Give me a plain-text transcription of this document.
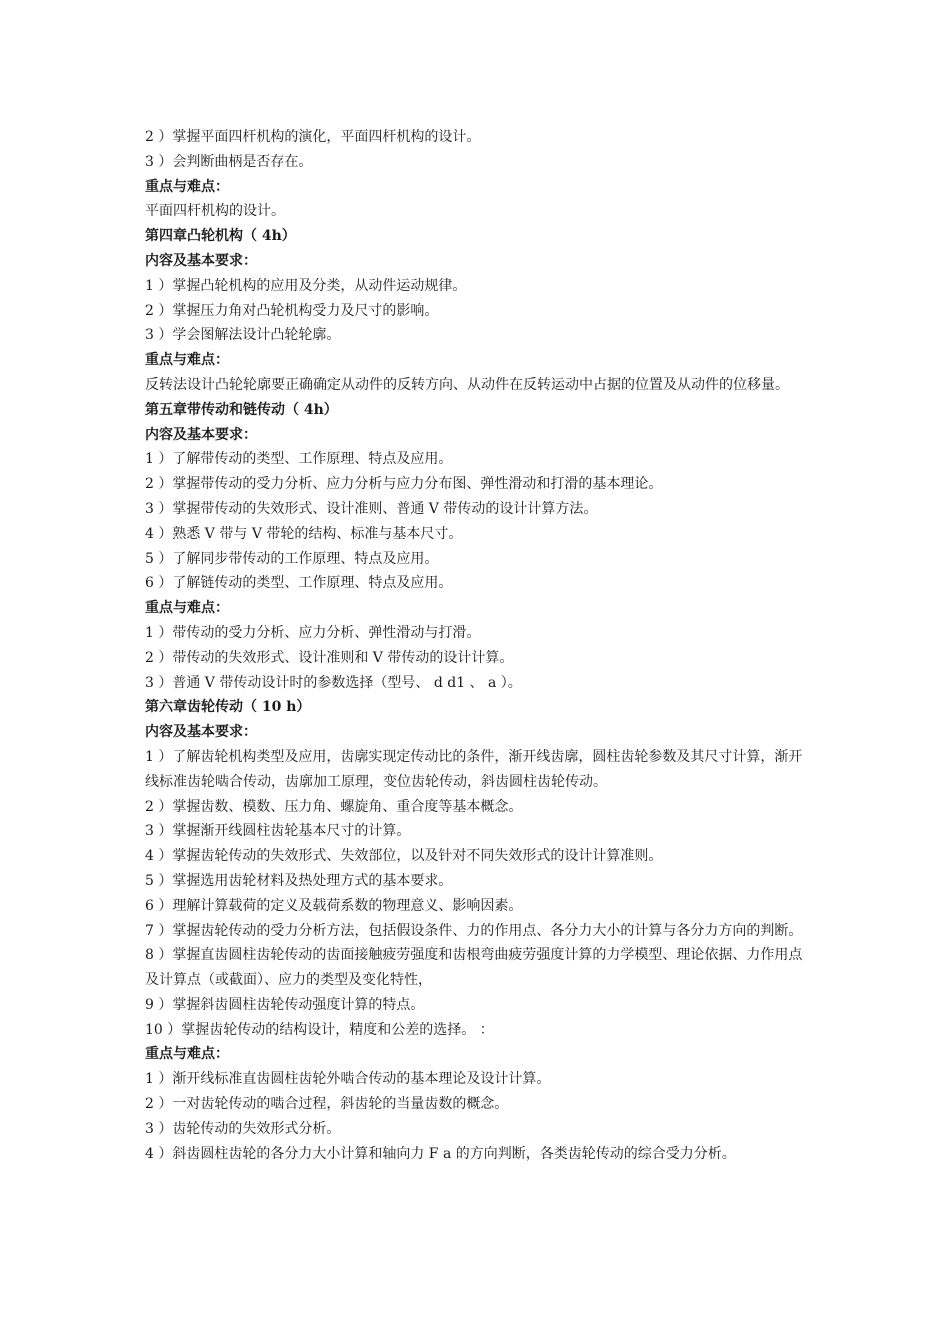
2 ）掌握平面四杆机构的演化，平面四杆机构的设计。

3 ）会判断曲柄是否存在。

重点与难点：

平面四杆机构的设计。

第四章凸轮机构（ 4h）

内容及基本要求：

1 ）掌握凸轮机构的应用及分类，从动件运动规律。

2 ）掌握压力角对凸轮机构受力及尺寸的影响。

3 ）学会图解法设计凸轮轮廓。

重点与难点：

反转法设计凸轮轮廓要正确确定从动件的反转方向、从动件在反转运动中占据的位置及从动件的位移量。

第五章带传动和链传动（ 4h）

内容及基本要求：

1 ）了解带传动的类型、工作原理、特点及应用。

2 ）掌握带传动的受力分析、应力分析与应力分布图、弹性滑动和打滑的基本理论。

3 ）掌握带传动的失效形式、设计准则、普通 V 带传动的设计计算方法。

4 ）熟悉 V 带与 V 带轮的结构、标准与基本尺寸。

5 ）了解同步带传动的工作原理、特点及应用。

6 ）了解链传动的类型、工作原理、特点及应用。

重点与难点：

1 ）带传动的受力分析、应力分析、弹性滑动与打滑。

2 ）带传动的失效形式、设计准则和 V 带传动的设计计算。

3 ）普通 V 带传动设计时的参数选择（型号、 d d1 、 a ）。

第六章齿轮传动（ 10 h）

内容及基本要求：

1 ）了解齿轮机构类型及应用，齿廓实现定传动比的条件，渐开线齿廓，圆柱齿轮参数及其尺寸计算，渐开线标准齿轮啮合传动，齿廓加工原理，变位齿轮传动，斜齿圆柱齿轮传动。

2 ）掌握齿数、模数、压力角、螺旋角、重合度等基本概念。

3 ）掌握渐开线圆柱齿轮基本尺寸的计算。

4 ）掌握齿轮传动的失效形式、失效部位，以及针对不同失效形式的设计计算准则。

5 ）掌握选用齿轮材料及热处理方式的基本要求。

6 ）理解计算载荷的定义及载荷系数的物理意义、影响因素。

7 ）掌握齿轮传动的受力分析方法，包括假设条件、力的作用点、各分力大小的计算与各分力方向的判断。

8 ）掌握直齿圆柱齿轮传动的齿面接触疲劳强度和齿根弯曲疲劳强度计算的力学模型、理论依据、力作用点及计算点（或截面）、应力的类型及变化特性，

9 ）掌握斜齿圆柱齿轮传动强度计算的特点。

10 ）掌握齿轮传动的结构设计，精度和公差的选择。 ：

重点与难点：

1 ）渐开线标准直齿圆柱齿轮外啮合传动的基本理论及设计计算。

2 ）一对齿轮传动的啮合过程，斜齿轮的当量齿数的概念。

3 ）齿轮传动的失效形式分析。

4 ）斜齿圆柱齿轮的各分力大小计算和轴向力 F a 的方向判断，各类齿轮传动的综合受力分析。
